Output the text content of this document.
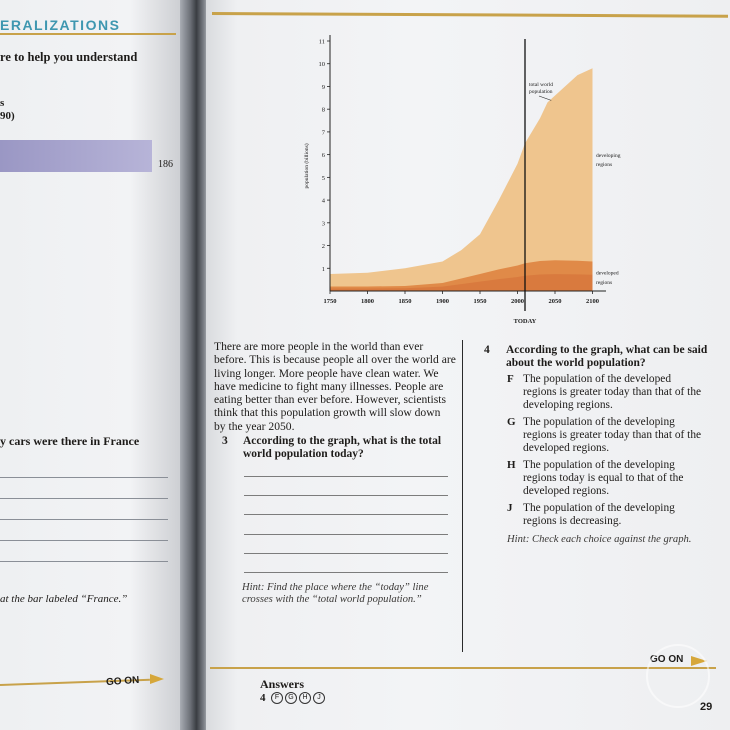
ERALIZATIONS
re to help you understand
s
90)
186
y cars were there in France
at the bar labeled “France.”
GO ON
1
2
3
4
5
6
7
8
9
10
11
1750	1800	1850	1900	1950	2000	2050	2100
population (billions)
TODAY
total world
population
developing
regions
developed
regions
There are more people in the world than ever
before. This is because people all over the world are
living longer. More people have clean water. We
have medicine to fight many illnesses. People are
eating better than ever before. However, scientists
think that this population growth will slow down
by the year 2050.
3 According to the graph, what is the total
world population today?
Hint: Find the place where the “today” line
crosses with the “total world population.”
4 According to the graph, what can be said
about the world population?
F The population of the developed
regions is greater today than that of the
developing regions.
G The population of the developing
regions is greater today than that of the
developed regions.
H The population of the developing
regions today is equal to that of the
developed regions.
J The population of the developing
regions is decreasing.
Hint: Check each choice against the graph.
GO ON
Answers
4	F	G	H	J
29
